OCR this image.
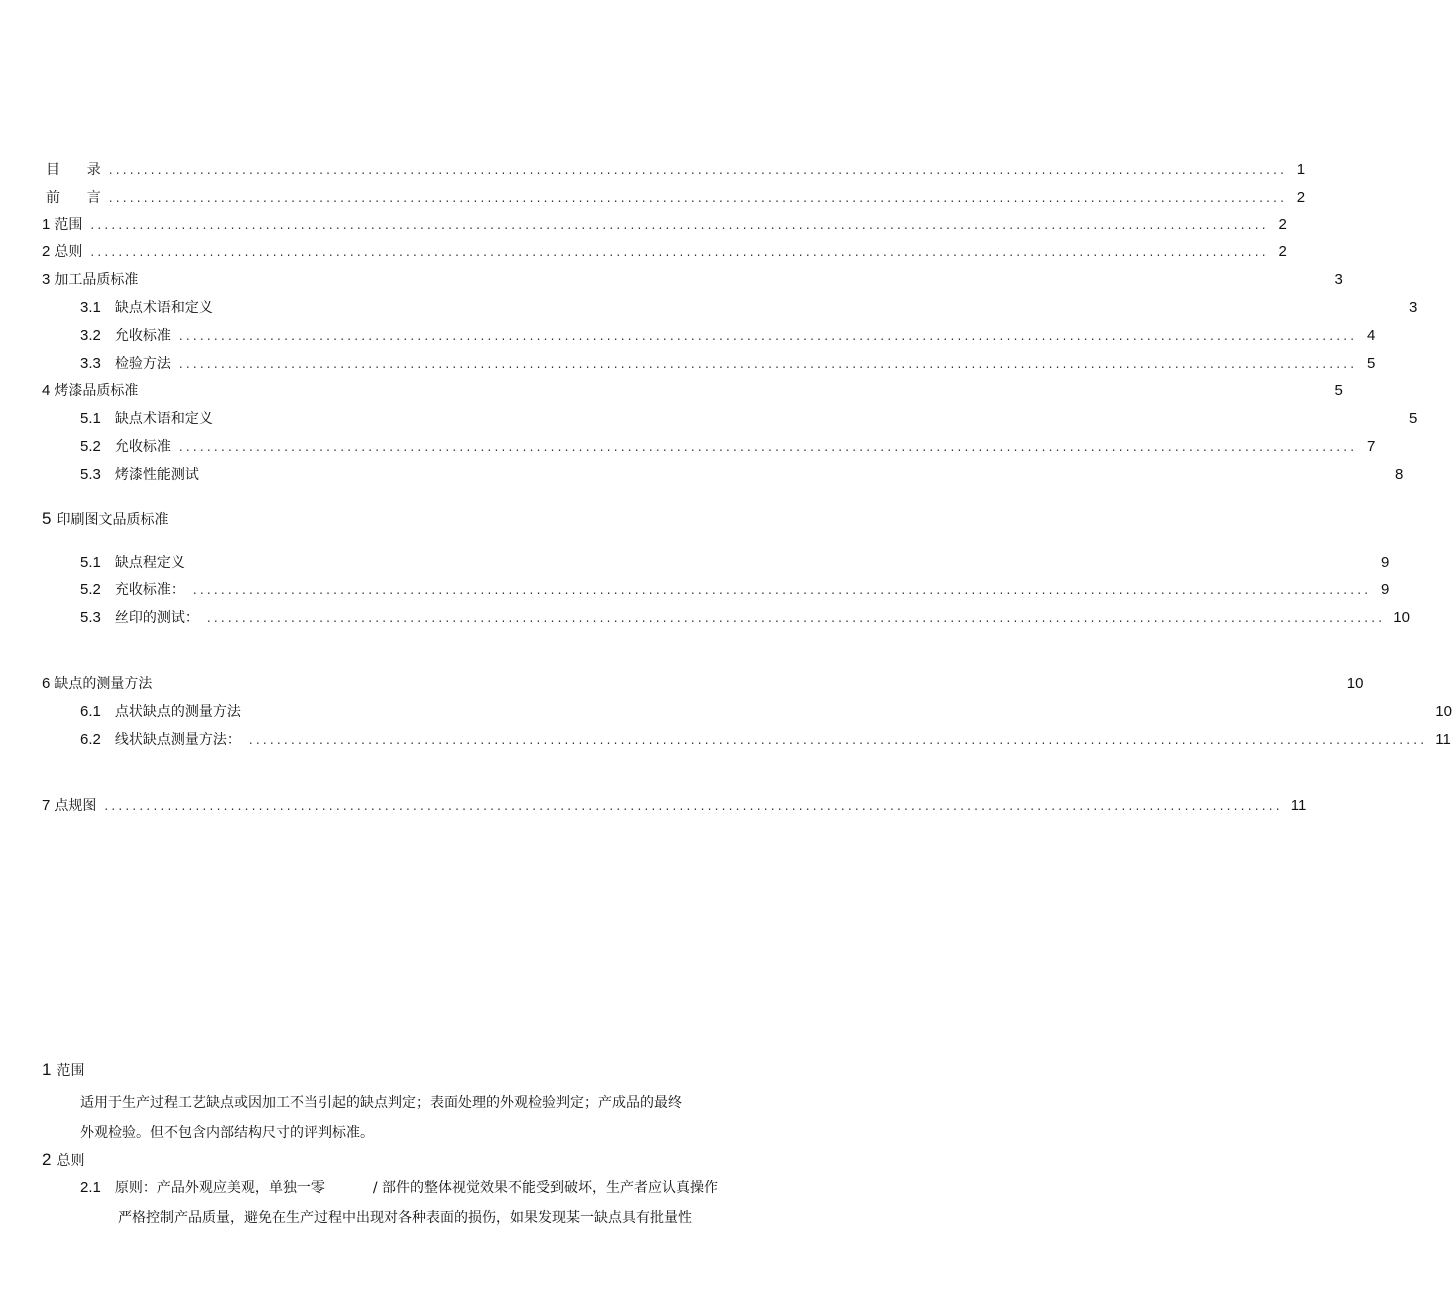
目      录 ........................................................................................................................................................................ 1
前      言 ........................................................................................................................................................................ 2
1 范围 ........................................................................................................................................................................ 2
2 总则 ........................................................................................................................................................................ 2
3 加工品质标准	3
3.1 缺点术语和定义	3
3.2 允收标准 ........................................................................................................................................................................ 4
3.3 检验方法 ........................................................................................................................................................................ 5
4 烤漆品质标准	5
5.1 缺点术语和定义	5
5.2 允收标准 ........................................................................................................................................................................ 7
5.3 烤漆性能测试	8
5.1 缺点程定义	9
5.2 充收标准： ........................................................................................................................................................................ 9
5.3 丝印的测试： ........................................................................................................................................................................ 10
6 缺点的测量方法	10
6.1 点状缺点的测量方法	10
6.2 线状缺点测量方法： ........................................................................................................................................................................ 11
7 点规图 ........................................................................................................................................................................ 11
5 印刷图文品质标准
1 范围
适用于生产过程工艺缺点或因加工不当引起的缺点判定；表面处理的外观检验判定；产成品的最终
外观检验。但不包含内部结构尺寸的评判标准。
2 总则
2.1 原则：产品外观应美观，单独一零	/ 部件的整体视觉效果不能受到破坏，生产者应认真操作
严格控制产品质量，避免在生产过程中出现对各种表面的损伤，如果发现某一缺点具有批量性
